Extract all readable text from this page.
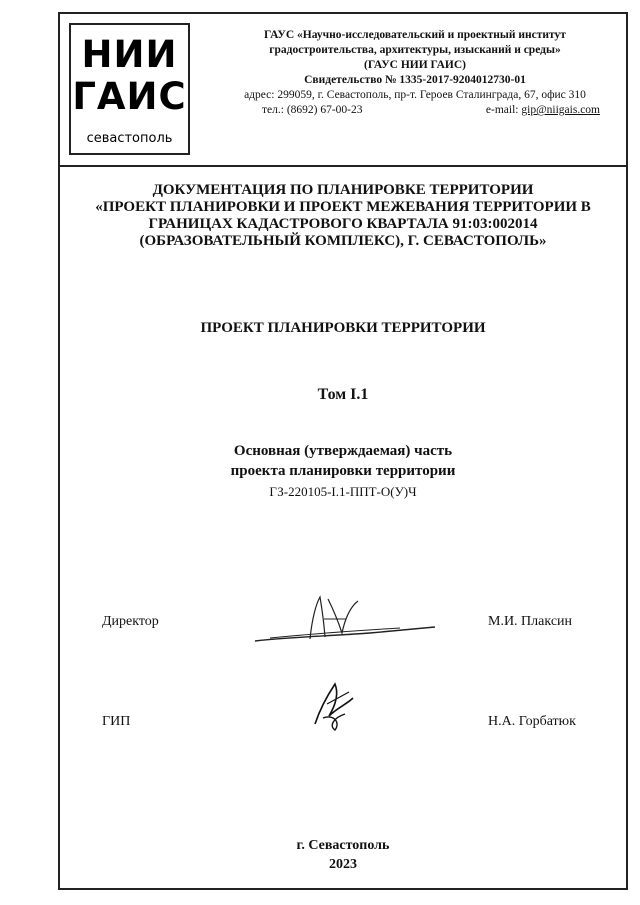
НИИ
ГАИС
севастополь
ГАУС «Научно-исследовательский и проектный институт
градостроительства, архитектуры, изысканий и среды»
(ГАУС НИИ ГАИС)
Свидетельство № 1335-2017-9204012730-01
адрес: 299059, г. Севастополь, пр-т. Героев Сталинграда, 67, офис 310
тел.: (8692) 67-00-23	e-mail: gip@niigais.com
ДОКУМЕНТАЦИЯ ПО ПЛАНИРОВКЕ ТЕРРИТОРИИ
«ПРОЕКТ ПЛАНИРОВКИ И ПРОЕКТ МЕЖЕВАНИЯ ТЕРРИТОРИИ В
ГРАНИЦАХ КАДАСТРОВОГО КВАРТАЛА 91:03:002014
(ОБРАЗОВАТЕЛЬНЫЙ КОМПЛЕКС), Г. СЕВАСТОПОЛЬ»
ПРОЕКТ ПЛАНИРОВКИ ТЕРРИТОРИИ
Том I.1
Основная (утверждаемая) часть
проекта планировки территории
ГЗ-220105-I.1-ППТ-О(У)Ч
Директор	М.И. Плаксин
ГИП	Н.А. Горбатюк
г. Севастополь
2023
